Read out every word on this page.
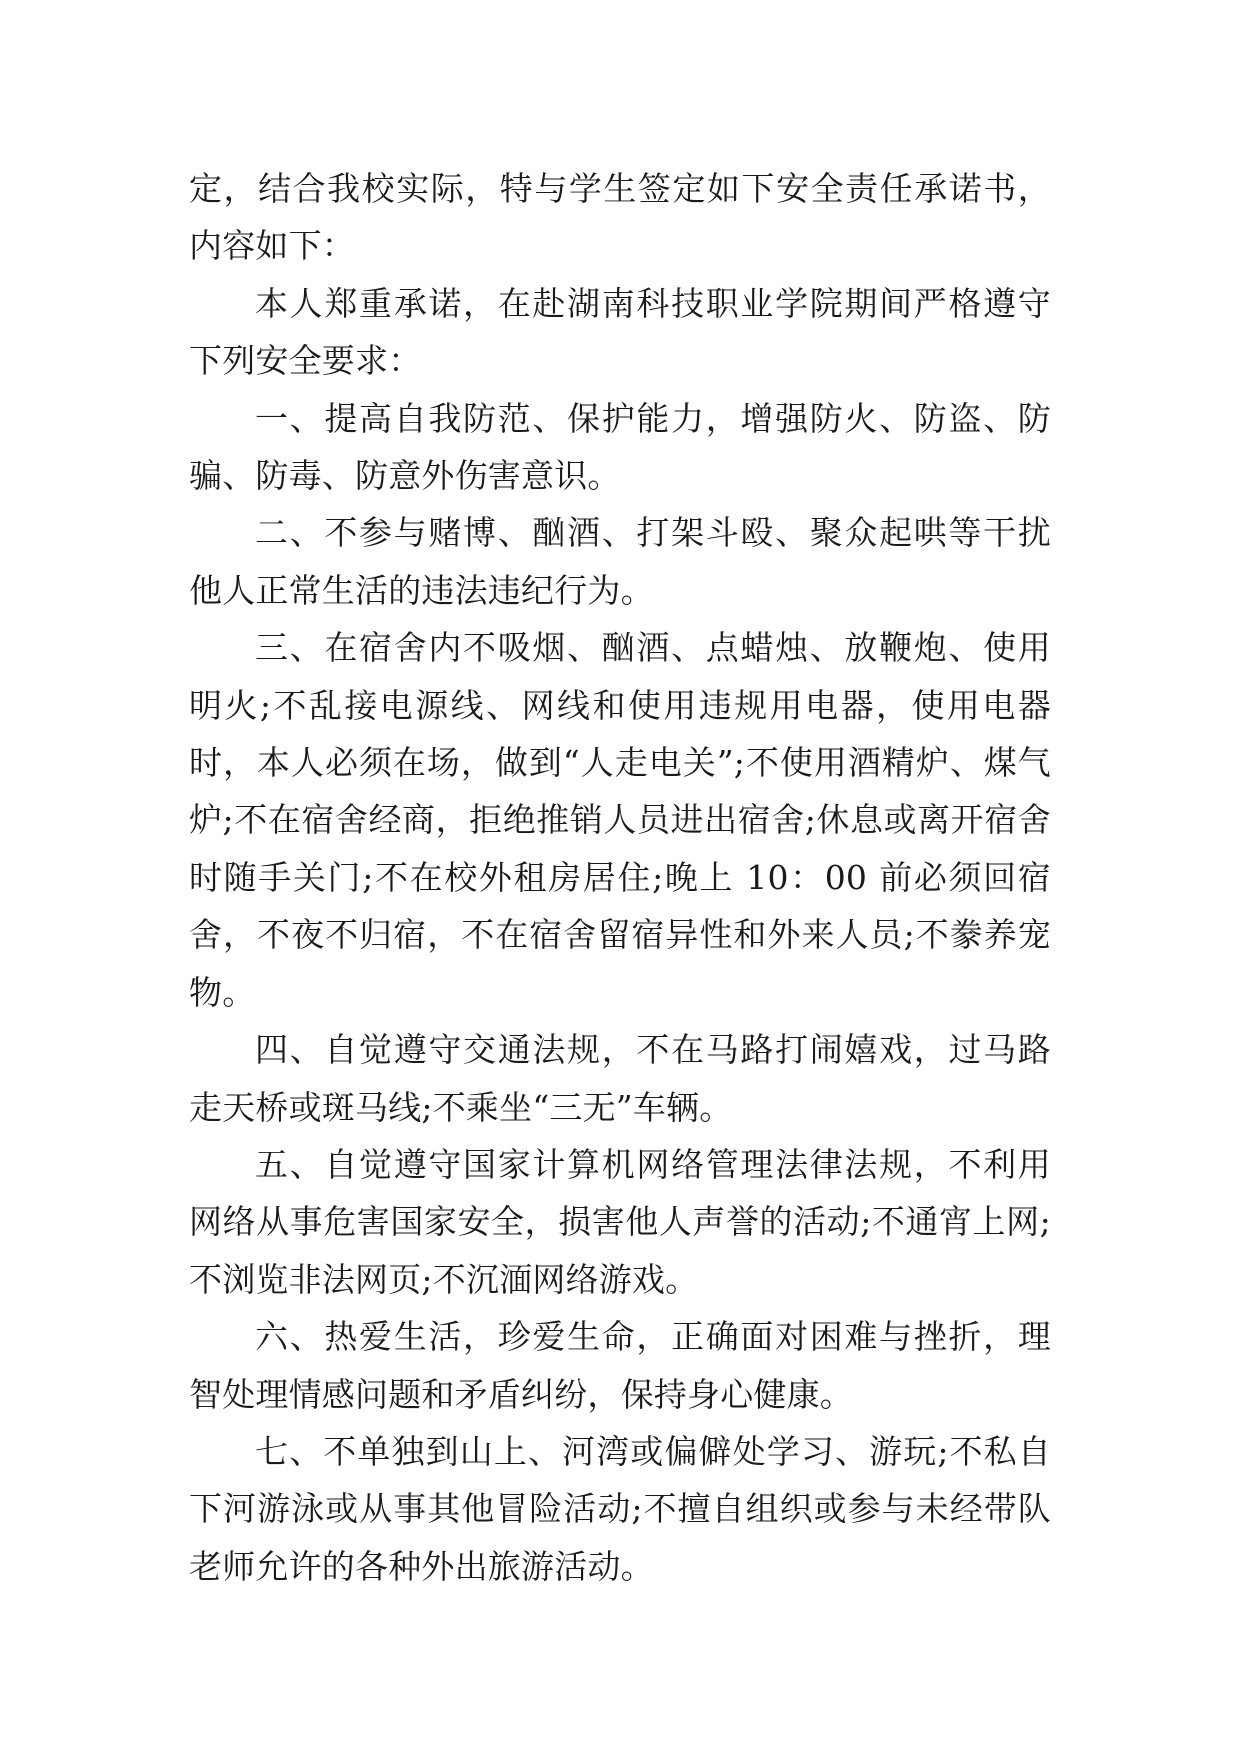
定，结合我校实际，特与学生签定如下安全责任承诺书，内容如下：

本人郑重承诺，在赴湖南科技职业学院期间严格遵守下列安全要求：

一、提高自我防范、保护能力，增强防火、防盗、防骗、防毒、防意外伤害意识。

二、不参与赌博、酗酒、打架斗殴、聚众起哄等干扰他人正常生活的违法违纪行为。

三、在宿舍内不吸烟、酗酒、点蜡烛、放鞭炮、使用明火;不乱接电源线、网线和使用违规用电器，使用电器时，本人必须在场，做到“人走电关”;不使用酒精炉、煤气炉;不在宿舍经商，拒绝推销人员进出宿舍;休息或离开宿舍时随手关门;不在校外租房居住;晚上 10：00 前必须回宿舍，不夜不归宿，不在宿舍留宿异性和外来人员;不豢养宠物。

四、自觉遵守交通法规，不在马路打闹嬉戏，过马路走天桥或斑马线;不乘坐“三无”车辆。

五、自觉遵守国家计算机网络管理法律法规，不利用网络从事危害国家安全，损害他人声誉的活动;不通宵上网;不浏览非法网页;不沉湎网络游戏。

六、热爱生活，珍爱生命，正确面对困难与挫折，理智处理情感问题和矛盾纠纷，保持身心健康。

七、不单独到山上、河湾或偏僻处学习、游玩;不私自下河游泳或从事其他冒险活动;不擅自组织或参与未经带队老师允许的各种外出旅游活动。
